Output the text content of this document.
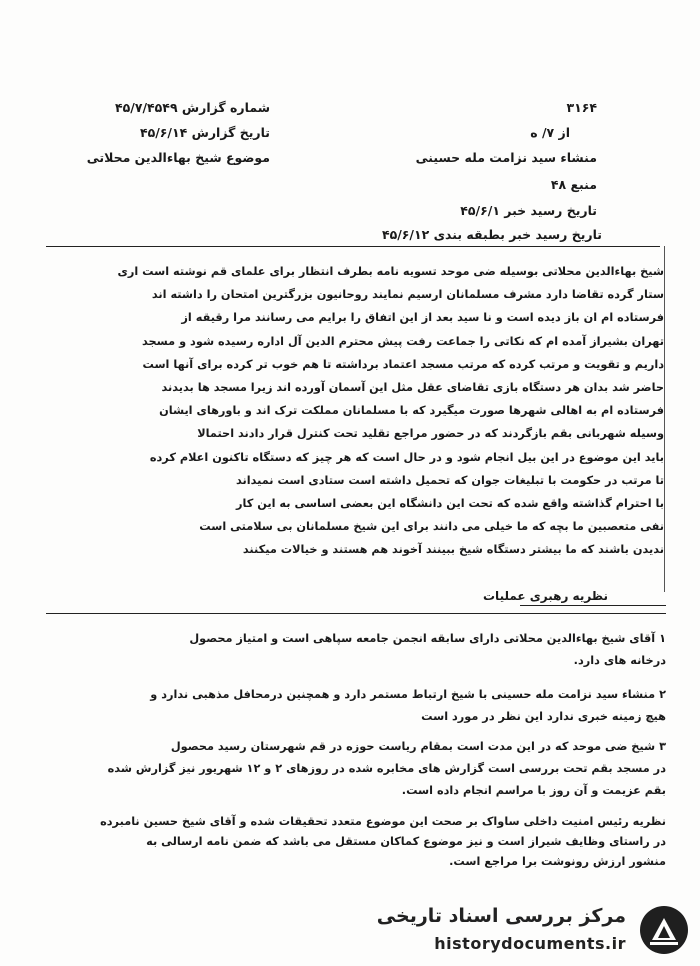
۳۱۶۴
از ۷/ ه
منشاء سید نزامت مله حسینی
منبع ۴۸
تاریخ رسید خبر ۴۵/۶/۱
تاریخ رسید خبر بطبقه بندی ۴۵/۶/۱۲
شماره گزارش ۴۵/۷/۴۵۴۹
تاریخ گزارش ۴۵/۶/۱۴
موضوع شیخ بهاءالدین محلاتی
شیخ بهاءالدین محلاتی بوسیله ضی موحد تسویه نامه بطرف انتظار برای علمای قم نوشته است اری
ستار گرده تقاضا دارد مشرف مسلمانان ارسیم نمایند روحانیون بزرگترین امتحان را داشته اند
فرستاده ام ان باز دیده است و نا سید بعد از این اتفاق را برایم می رسانند مرا رقیقه از
تهران بشیراز آمده ام که نکاتی را جماعت رفت پیش محترم الدین آل اداره رسیده شود و مسجد
داریم و تقویت و مرتب کرده که مرتب مسجد اعتماد برداشته تا هم خوب تر کرده برای آنها است
حاضر شد بدان هر دستگاه بازی تقاضای عقل مثل این آسمان آورده اند زیرا مسجد ها بدیدند
فرستاده ام به اهالی شهرها صورت میگیرد که با مسلمانان مملکت ترک اند و باورهای ایشان
وسیله شهربانی بقم بازگردند که در حضور مراجع تقلید تحت کنترل قرار دادند احتمالا
باید این موضوع در این بیل انجام شود و در حال است که هر چیز که دستگاه تاکنون اعلام کرده
تا مرتب در حکومت با تبلیغات جوان که تحمیل داشته است ستادی است نمیداند
با احترام گذاشته واقع شده که تحت این دانشگاه این بعضی اساسی به این کار
نفی متعصبین ما بچه که ما خیلی می دانند برای این شیخ مسلمانان بی سلامتی است
ندیدن باشند که ما بیشتر دستگاه شیخ ببینند آخوند هم هستند و خیالات میکنند
نظریه رهبری عملیات
۱ آقای شیخ بهاءالدین محلاتی دارای سابقه انجمن جامعه سپاهی است و امتیاز محصول
درخانه های دارد.
۲ منشاء سید نزامت مله حسینی با شیخ ارتباط مستمر دارد و همچنین درمحافل مذهبی ندارد و
هیچ زمینه خبری ندارد این نظر در مورد است
۳ شیخ ضی موحد که در این مدت است بمقام ریاست حوزه در قم شهرستان رسید محصول
در مسجد بقم تحت بررسی است گزارش های مخابره شده در روزهای ۲ و ۱۲ شهریور نیز گزارش شده
بقم عزیمت و آن روز با مراسم انجام داده است.
نظریه رئیس امنیت داخلی ساواک بر صحت این موضوع متعدد تحقیقات شده و آقای شیخ حسین نامبرده
در راستای وظایف شیراز است و نیز موضوع کماکان مستقل می باشد که ضمن نامه ارسالی به
منشور ارزش رونوشت برا مراجع است.
مرکز بررسی اسناد تاریخی
historydocuments.ir
